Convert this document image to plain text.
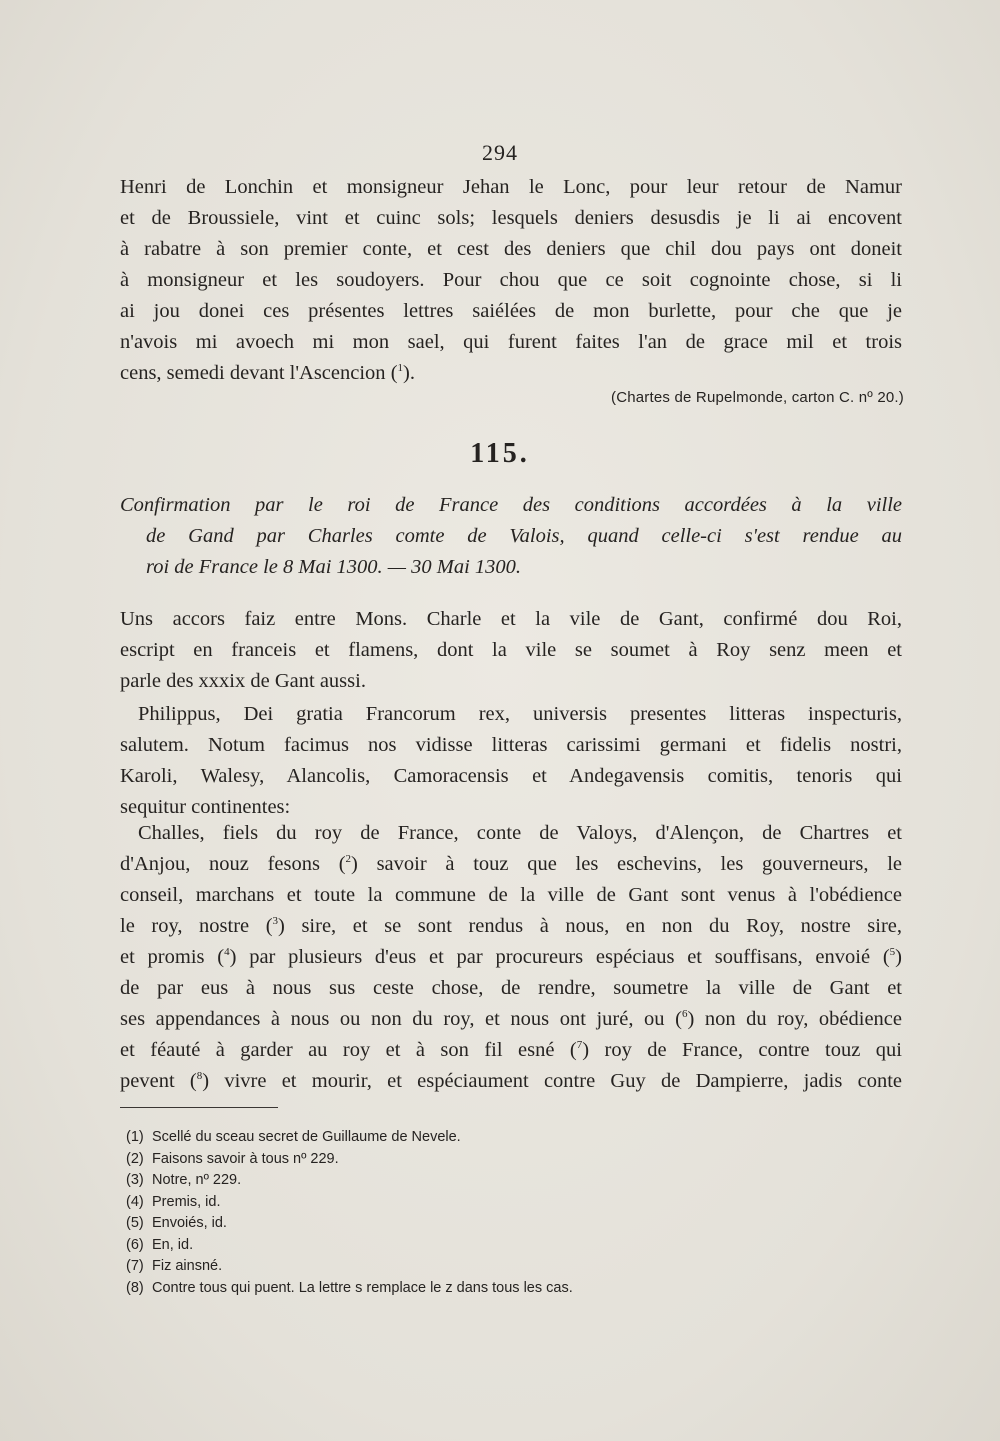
294
Henri de Lonchin et monsigneur Jehan le Lonc, pour leur retour de Namur
et de Broussiele, vint et cuinc sols; lesquels deniers desusdis je li ai encovent
à rabatre à son premier conte, et cest des deniers que chil dou pays ont doneit
à monsigneur et les soudoyers. Pour chou que ce soit cognointe chose, si li
ai jou donei ces présentes lettres saiélées de mon burlette, pour che que je
n'avois mi avoech mi mon sael, qui furent faites l'an de grace mil et trois
cens, semedi devant l'Ascencion ($^1$).
(Chartes de Rupelmonde, carton C. nº 20.)
115.
Confirmation par le roi de France des conditions accordées à la ville
de Gand par Charles comte de Valois, quand celle-ci s'est rendue au
roi de France le 8 Mai 1300. — 30 Mai 1300.
Uns accors faiz entre Mons. Charle et la vile de Gant, confirmé dou Roi,
escript en franceis et flamens, dont la vile se soumet à Roy senz meen et
parle des xxxix de Gant aussi.
Philippus, Dei gratia Francorum rex, universis presentes litteras inspecturis,
salutem. Notum facimus nos vidisse litteras carissimi germani et fidelis nostri,
Karoli, Walesy, Alancolis, Camoracensis et Andegavensis comitis, tenoris qui
sequitur continentes:
Challes, fiels du roy de France, conte de Valoys, d'Alençon, de Chartres et
d'Anjou, nouz fesons ($^2$) savoir à touz que les eschevins, les gouverneurs, le
conseil, marchans et toute la commune de la ville de Gant sont venus à l'obédience
le roy, nostre ($^3$) sire, et se sont rendus à nous, en non du Roy, nostre sire,
et promis ($^4$) par plusieurs d'eus et par procureurs espéciaus et souffisans, envoié ($^5$)
de par eus à nous sus ceste chose, de rendre, soumetre la ville de Gant et
ses appendances à nous ou non du roy, et nous ont juré, ou ($^6$) non du roy, obédience
et féauté à garder au roy et à son fil esné ($^7$) roy de France, contre touz qui
pevent ($^8$) vivre et mourir, et espéciaument contre Guy de Dampierre, jadis conte
(1) Scellé du sceau secret de Guillaume de Nevele.
(2) Faisons savoir à tous nº 229.
(3) Notre, nº 229.
(4) Premis, id.
(5) Envoiés, id.
(6) En, id.
(7) Fiz ainsné.
(8) Contre tous qui puent. La lettre s remplace le z dans tous les cas.
